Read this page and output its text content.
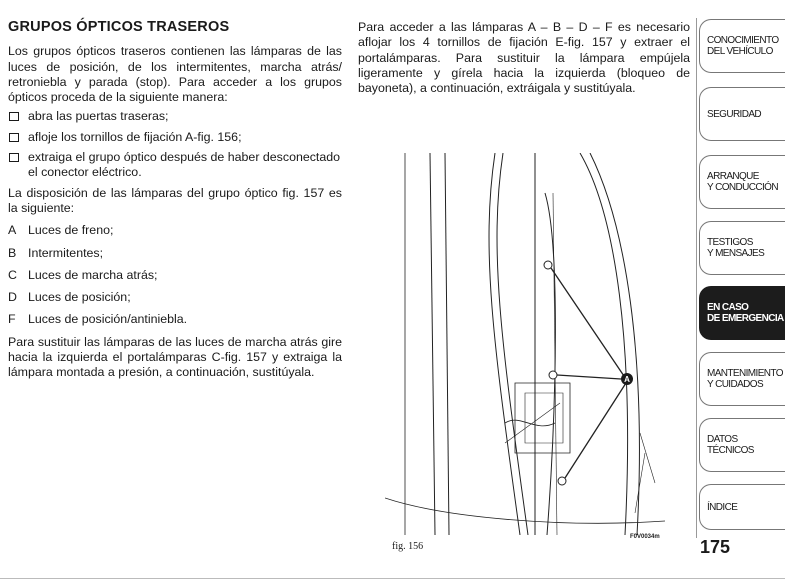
GRUPOS ÓPTICOS TRASEROS
Los grupos ópticos traseros contienen las lámparas de las luces de posición, de los intermitentes, marcha atrás/ retroniebla y parada (stop). Para acceder a los grupos ópticos proceda de la siguiente manera:
abra las puertas traseras;
afloje los tornillos de fijación A-fig. 156;
extraiga el grupo óptico después de haber desconectado el conector eléctrico.
La disposición de las lámparas del grupo óptico fig. 157 es la siguiente:
A Luces de freno;
B Intermitentes;
C Luces de marcha atrás;
D Luces de posición;
F	Luces de posición/antiniebla.
Para sustituir las lámparas de las luces de marcha atrás gire hacia la izquierda el portalámparas C-fig. 157 y extraiga la lámpara montada a presión, a continuación, sustitúyala.
Para acceder a las lámparas A – B – D – F es necesario aflojar los 4 tornillos de fijación E-fig. 157 y extraer el portalámparas. Para sustituir la lámpara empújela ligeramente y gírela hacia la izquierda (bloqueo de bayoneta), a continuación, extráigala y sustitúyala.
A
fig. 156
F0V0034m 175
CONOCIMIENTO
DEL VEHÍCULO
SEGURIDAD
ARRANQUE
Y CONDUCCIÓN
TESTIGOS
Y MENSAJES
EN CASO
DE EMERGENCIA
MANTENIMIENTO
Y CUIDADOS
DATOS TÉCNICOS
ÍNDICE
